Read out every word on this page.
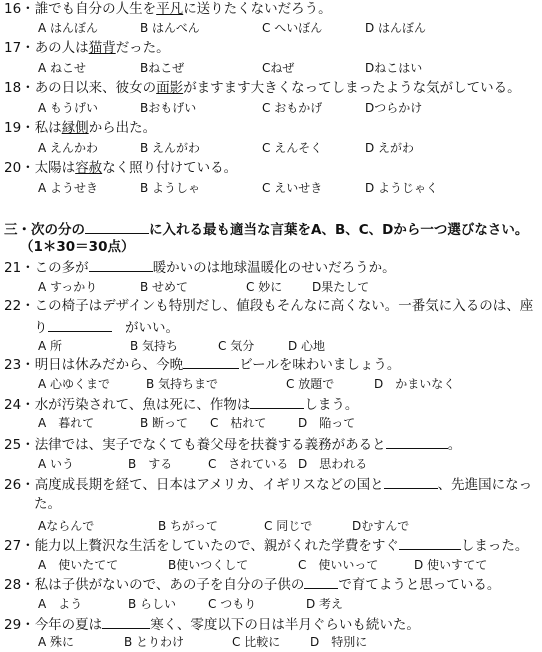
16・誰でも自分の人生を平凡に送りたくないだろう。
A はんぼん	B はんべん	C へいぼん	D はんぼん
17・あの人は猫背だった。
A ねこせ	Bねこぜ	Cねぜ	Dねこはい
18・あの日以来、彼女の面影がますます大きくなってしまったような気がしている。
A もうげい	Bおもげい	C おもかげ	Dつらかけ
19・私は縁側から出た。
A えんかわ	B えんがわ	C えんそく	D えがわ
20・太陽は容赦なく照り付けている。
A ようせき	B ようしゃ	C えいせき	D ようじゃく
三・次の分の	に入れる最も適当な言葉をA、B、C、Dから一つ選びなさい。
（1＊30＝30点）
21・この多が	暖かいのは地球温暖化のせいだろうか。
A すっかり	B せめて	C 妙に D果たして
22・この椅子はデザインも特別だし、値段もそんなに高くない。一番気に入るのは、座
り	　がいい。
A 所	B 気持ち	C 気分	D 心地
23・明日は休みだから、今晩	ビールを味わいましょう。
A 心ゆくまで	B 気持ちまで	C 放題で	D　かまいなく
24・水が汚染されて、魚は死に、作物は	しまう。
A　暮れて	B 断って C　枯れて	D　陥って
25・法律では、実子でなくても養父母を扶養する義務があると	。
A いう	B　する	C　されている D　思われる
26・高度成長期を経て、日本はアメリカ、イギリスなどの国と	、先進国になっ
た。
Aならんで	B ちがって	C 同じで	Dむすんで
27・能力以上贅沢な生活をしていたので、親がくれた学費をすぐ	しまった。
A　使いたてて	B使いつくして	C　使いいって	D 使いすてて
28・私は子供がないので、あの子を自分の子供の	で育てようと思っている。
A　よう	B らしい	C つもり	D 考え
29・今年の夏は	寒く、零度以下の日は半月ぐらいも続いた。
A 殊に	B とりわけ	C 比較に D　特別に
